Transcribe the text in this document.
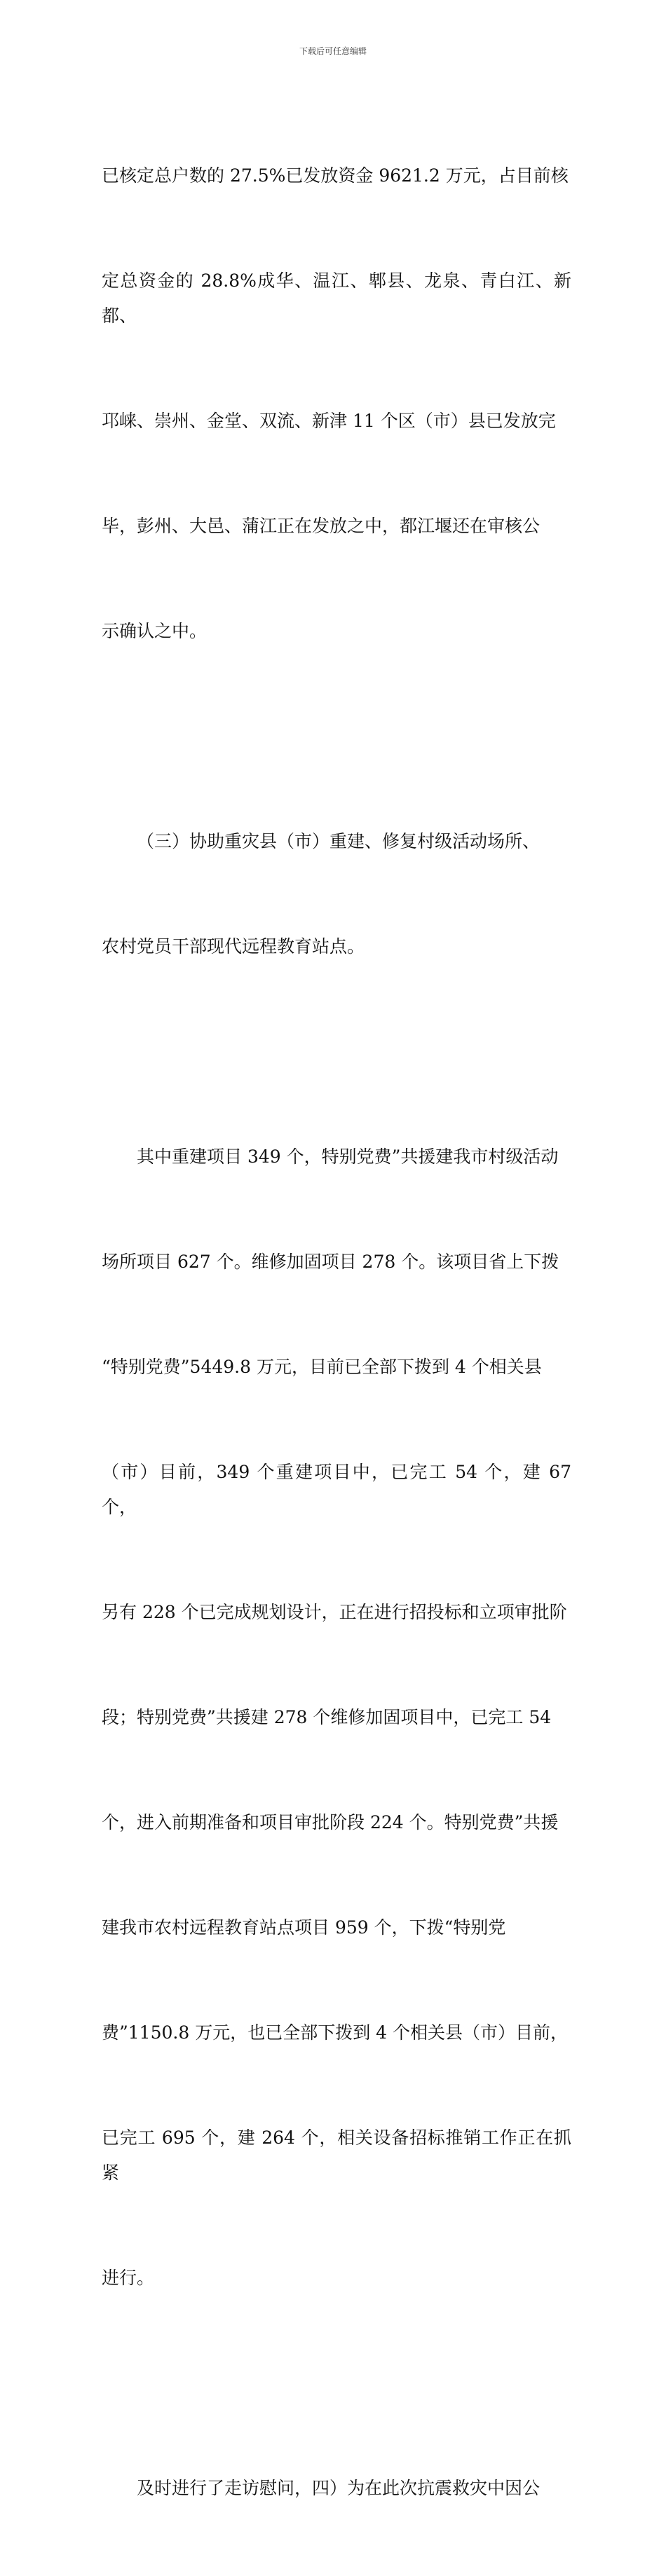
下载后可任意编辑

已核定总户数的 27.5%已发放资金 9621.2 万元，占目前核

定总资金的 28.8%成华、温江、郫县、龙泉、青白江、新都、

邛崃、崇州、金堂、双流、新津 11 个区（市）县已发放完

毕，彭州、大邑、蒲江正在发放之中，都江堰还在审核公

示确认之中。

（三）协助重灾县（市）重建、修复村级活动场所、

农村党员干部现代远程教育站点。

其中重建项目 349 个，特别党费”共援建我市村级活动

场所项目 627 个。维修加固项目 278 个。该项目省上下拨

“特别党费”5449.8 万元，目前已全部下拨到 4 个相关县

（市）目前，349 个重建项目中，已完工 54 个，建 67 个，

另有 228 个已完成规划设计，正在进行招投标和立项审批阶

段；特别党费”共援建 278 个维修加固项目中，已完工 54

个，进入前期准备和项目审批阶段 224 个。特别党费”共援

建我市农村远程教育站点项目 959 个，下拨“特别党

费”1150.8 万元，也已全部下拨到 4 个相关县（市）目前，

已完工 695 个，建 264 个，相关设备招标推销工作正在抓紧

进行。

及时进行了走访慰问，四）为在此次抗震救灾中因公
